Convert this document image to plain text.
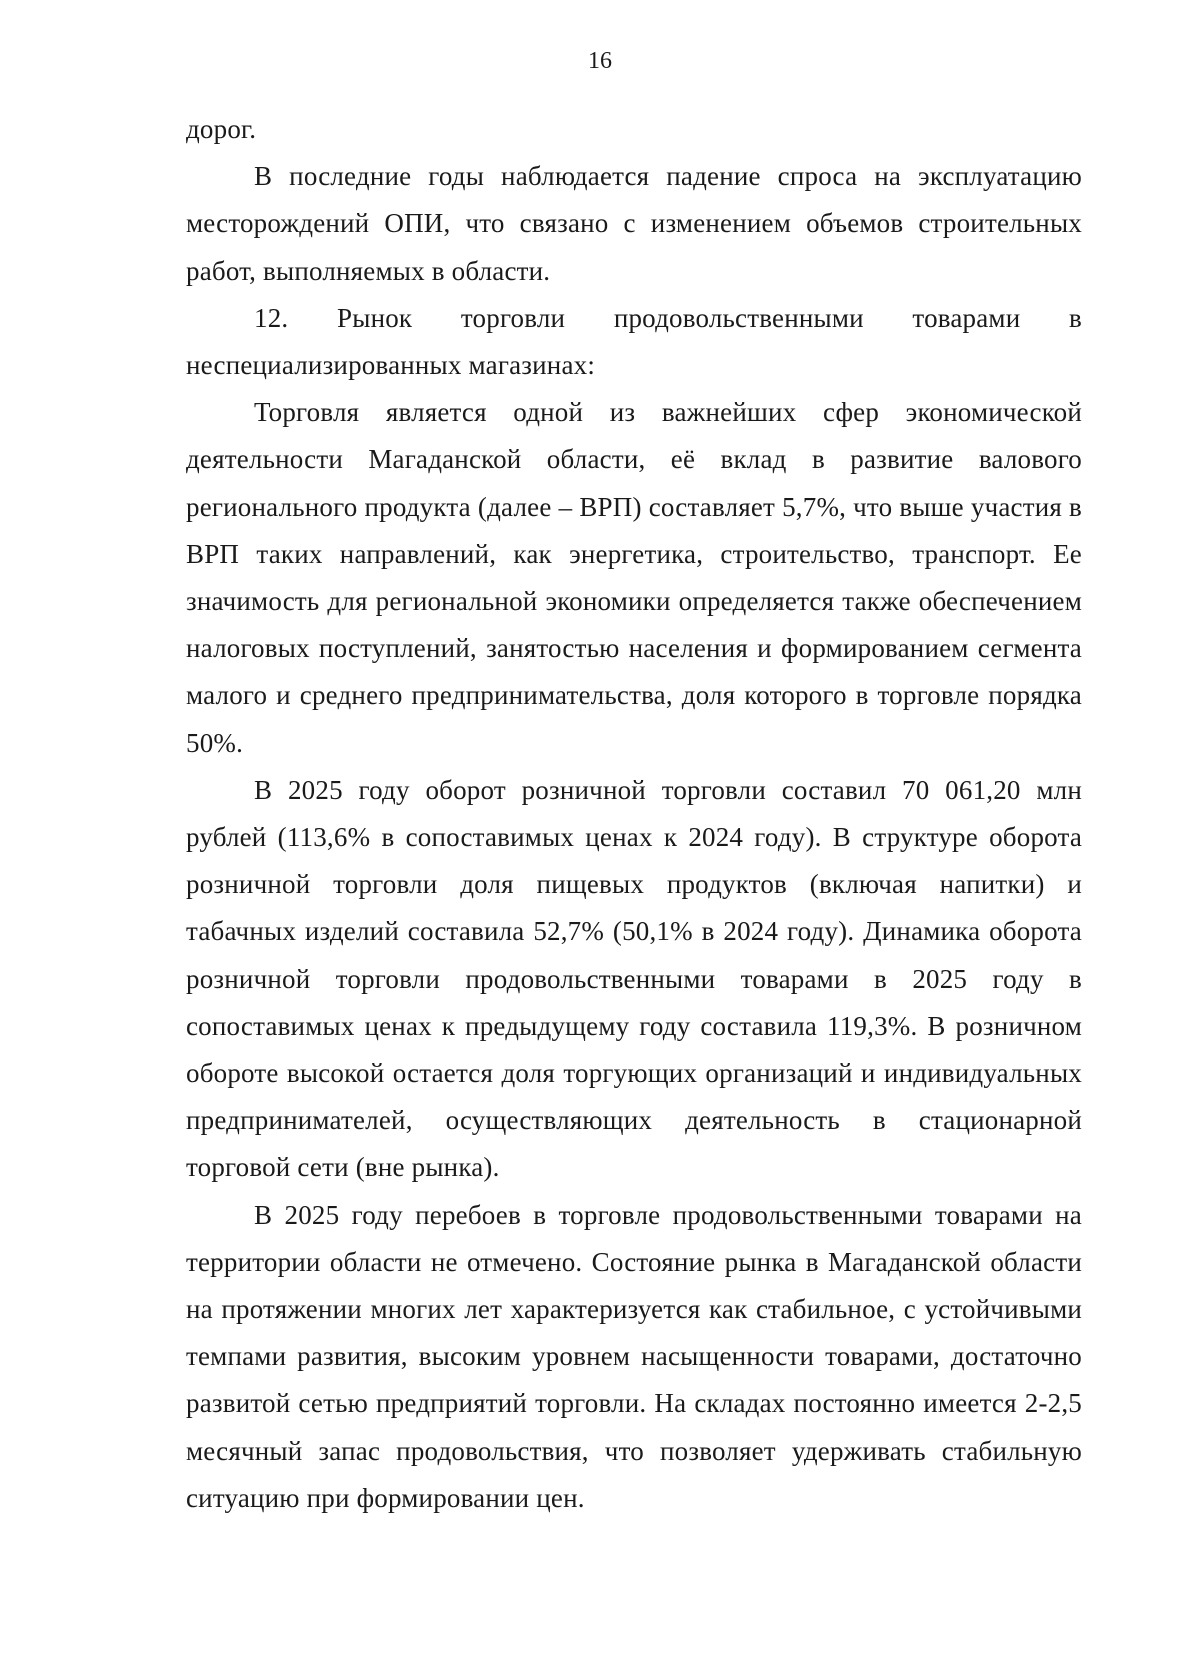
16

дорог.

В последние годы наблюдается падение спроса на эксплуатацию месторождений ОПИ, что связано с изменением объемов строительных работ, выполняемых в области.

12. Рынок торговли продовольственными товарами в

неспециализированных магазинах:

Торговля является одной из важнейших сфер экономической деятельности Магаданской области, её вклад в развитие валового регионального продукта (далее – ВРП) составляет 5,7%, что выше участия в ВРП таких направлений, как энергетика, строительство, транспорт. Ее значимость для региональной экономики определяется также обеспечением налоговых поступлений, занятостью населения и формированием сегмента малого и среднего предпринимательства, доля которого в торговле порядка 50%.

В 2025 году оборот розничной торговли составил 70 061,20 млн рублей (113,6% в сопоставимых ценах к 2024 году). В структуре оборота розничной торговли доля пищевых продуктов (включая напитки) и табачных изделий составила 52,7% (50,1% в 2024 году). Динамика оборота розничной торговли продовольственными товарами в 2025 году в сопоставимых ценах к предыдущему году составила 119,3%. В розничном обороте высокой остается доля торгующих организаций и индивидуальных предпринимателей, осуществляющих деятельность в стационарной торговой сети (вне рынка).

В 2025 году перебоев в торговле продовольственными товарами на территории области не отмечено. Состояние рынка в Магаданской области на протяжении многих лет характеризуется как стабильное, с устойчивыми темпами развития, высоким уровнем насыщенности товарами, достаточно развитой сетью предприятий торговли. На складах постоянно имеется 2-2,5 месячный запас продовольствия, что позволяет удерживать стабильную ситуацию при формировании цен.
